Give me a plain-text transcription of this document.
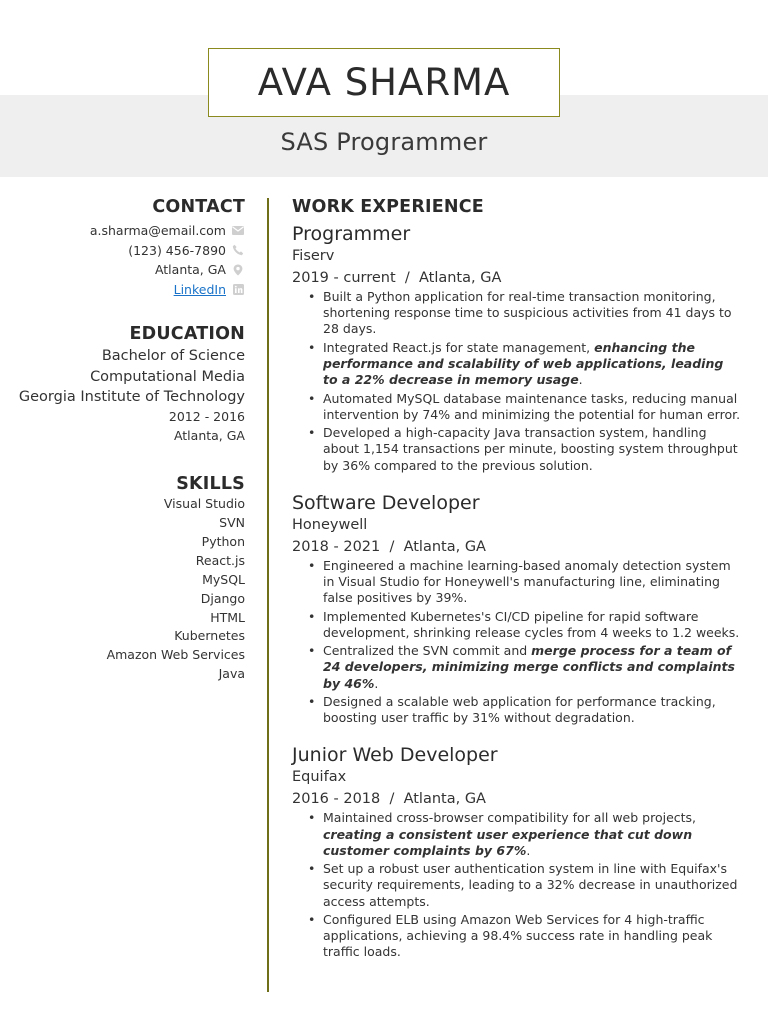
AVA SHARMA
SAS Programmer
CONTACT
a.sharma@email.com
(123) 456-7890
Atlanta, GA
LinkedIn
EDUCATION
Bachelor of Science
Computational Media
Georgia Institute of Technology
2012 - 2016
Atlanta, GA
SKILLS
Visual Studio
SVN
Python
React.js
MySQL
Django
HTML
Kubernetes
Amazon Web Services
Java
WORK EXPERIENCE
Programmer
Fiserv
2019 - current  /  Atlanta, GA
• Built a Python application for real-time transaction monitoring, shortening response time to suspicious activities from 41 days to 28 days.
• Integrated React.js for state management, enhancing the performance and scalability of web applications, leading to a 22% decrease in memory usage.
• Automated MySQL database maintenance tasks, reducing manual intervention by 74% and minimizing the potential for human error.
• Developed a high-capacity Java transaction system, handling about 1,154 transactions per minute, boosting system throughput by 36% compared to the previous solution.
Software Developer
Honeywell
2018 - 2021  /  Atlanta, GA
• Engineered a machine learning-based anomaly detection system in Visual Studio for Honeywell's manufacturing line, eliminating false positives by 39%.
• Implemented Kubernetes's CI/CD pipeline for rapid software development, shrinking release cycles from 4 weeks to 1.2 weeks.
• Centralized the SVN commit and merge process for a team of 24 developers, minimizing merge conflicts and complaints by 46%.
• Designed a scalable web application for performance tracking, boosting user traffic by 31% without degradation.
Junior Web Developer
Equifax
2016 - 2018  /  Atlanta, GA
• Maintained cross-browser compatibility for all web projects, creating a consistent user experience that cut down customer complaints by 67%.
• Set up a robust user authentication system in line with Equifax's security requirements, leading to a 32% decrease in unauthorized access attempts.
• Configured ELB using Amazon Web Services for 4 high-traffic applications, achieving a 98.4% success rate in handling peak traffic loads.
